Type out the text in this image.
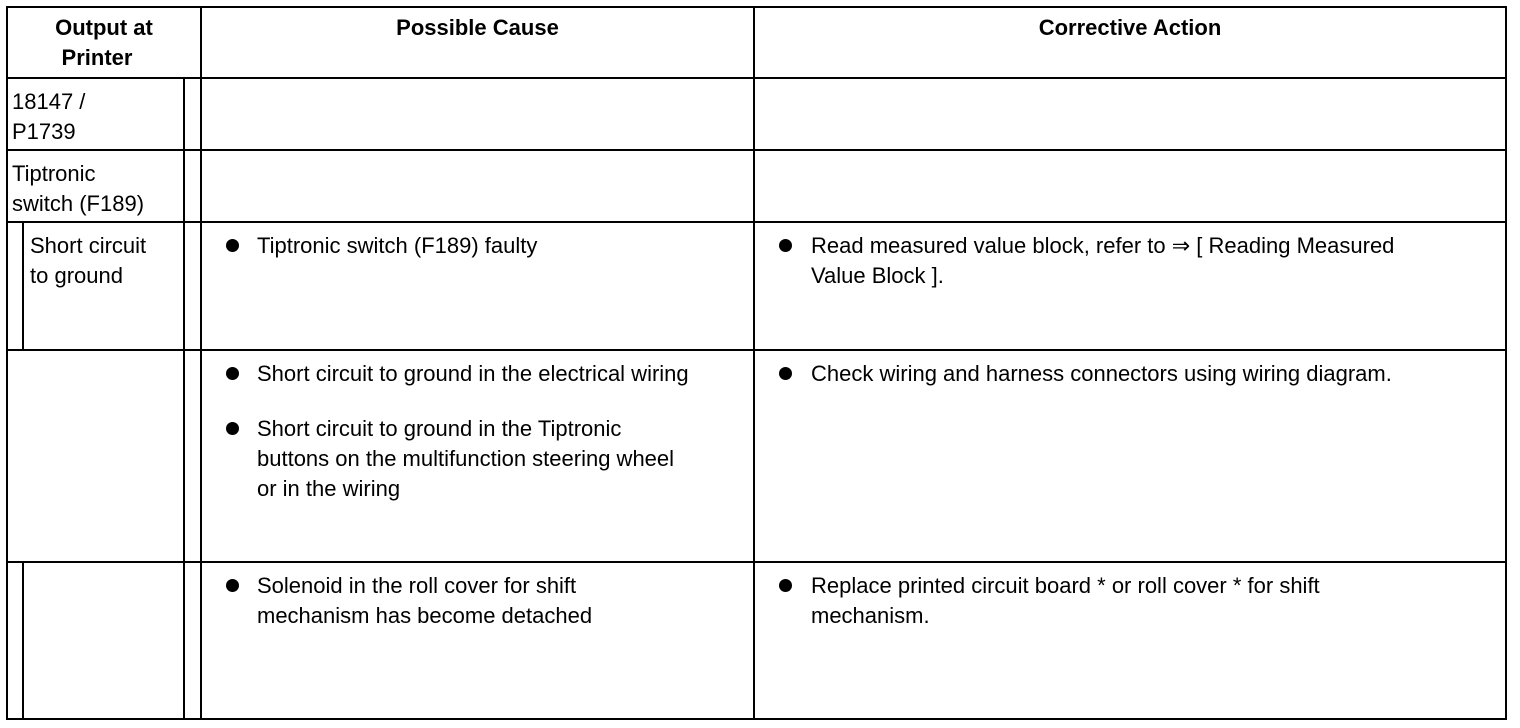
Output at
Printer
Possible Cause	Corrective Action
18147 /
P1739
Tiptronic
switch (F189)
Short circuit
to ground
Tiptronic switch (F189) faulty	Read measured value block, refer to ⇒ [ Reading Measured
Value Block ].
Short circuit to ground in the electrical wiring
Short circuit to ground in the Tiptronic
buttons on the multifunction steering wheel
or in the wiring
Check wiring and harness connectors using wiring diagram.
Solenoid in the roll cover for shift
mechanism has become detached
Replace printed circuit board * or roll cover * for shift
mechanism.
